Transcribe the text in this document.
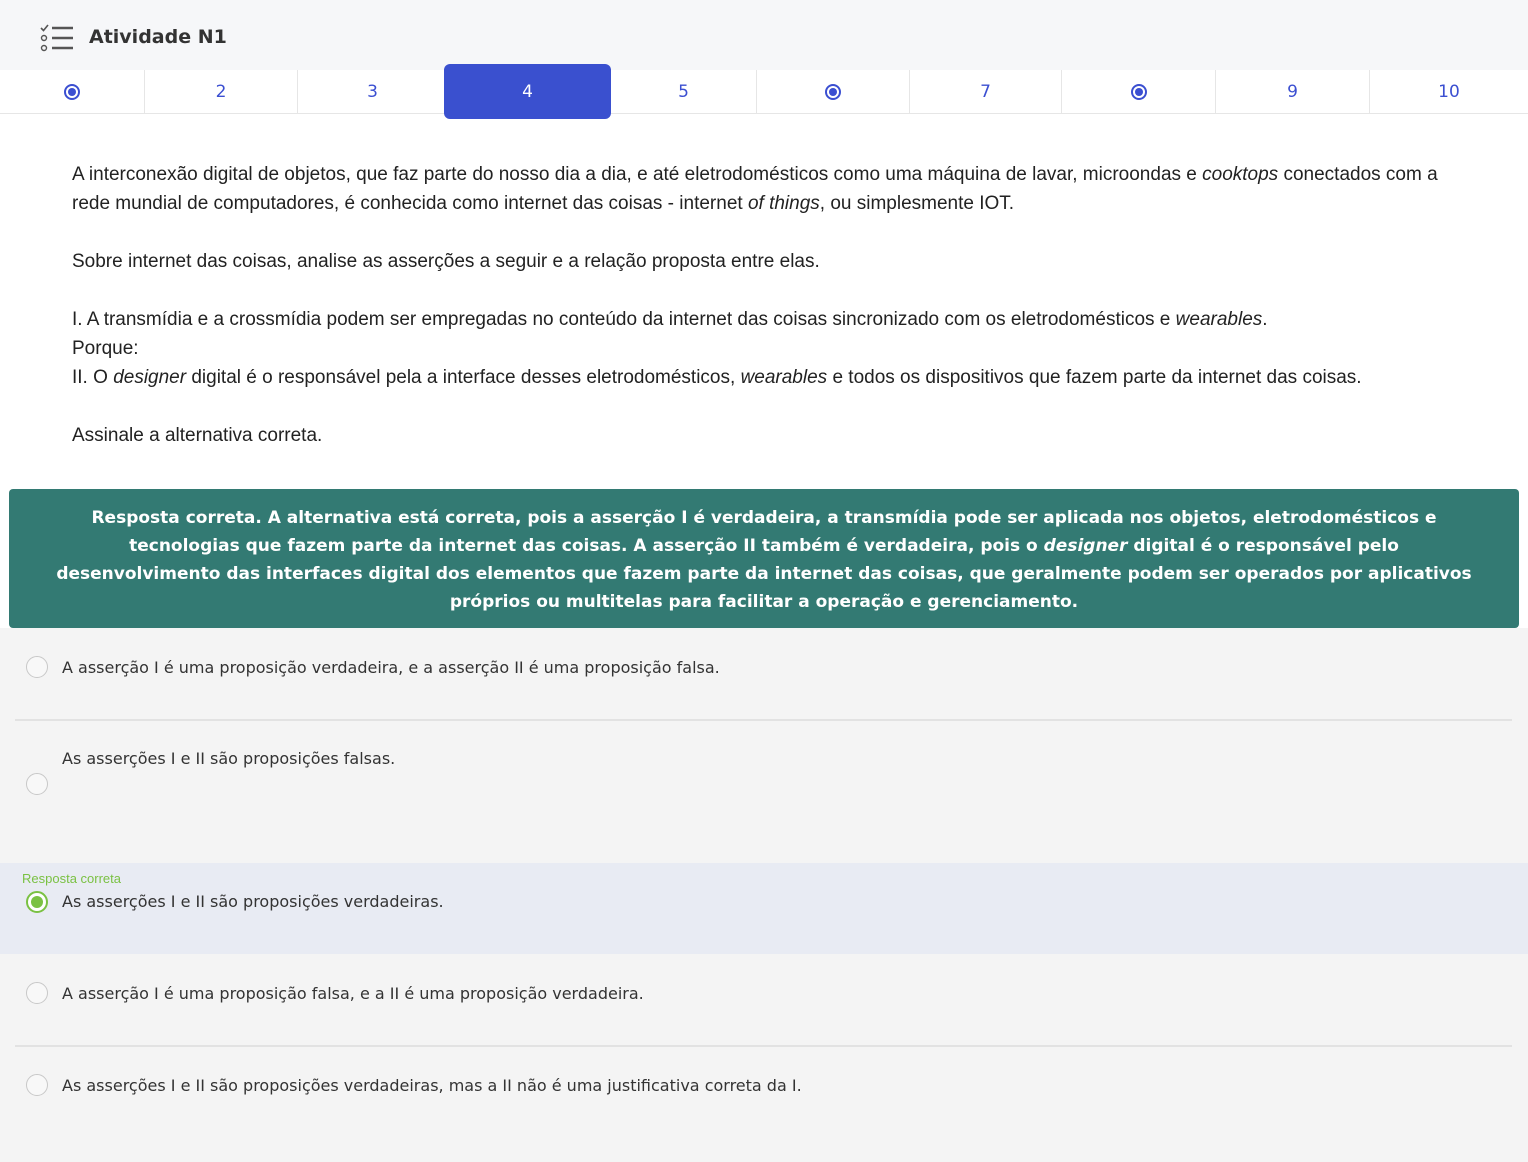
Atividade N1
2	3	4	5	7	9	10

A interconexão digital de objetos, que faz parte do nosso dia a dia, e até eletrodomésticos como uma máquina de lavar, microondas e cooktops conectados com a rede mundial de computadores, é conhecida como internet das coisas - internet of things, ou simplesmente IOT.

Sobre internet das coisas, analise as asserções a seguir e a relação proposta entre elas.

I. A transmídia e a crossmídia podem ser empregadas no conteúdo da internet das coisas sincronizado com os eletrodomésticos e wearables.

Porque:

II. O designer digital é o responsável pela a interface desses eletrodomésticos, wearables e todos os dispositivos que fazem parte da internet das coisas.

Assinale a alternativa correta.

Resposta correta. A alternativa está correta, pois a asserção I é verdadeira, a transmídia pode ser aplicada nos objetos, eletrodomésticos e tecnologias que fazem parte da internet das coisas. A asserção II também é verdadeira, pois o designer digital é o responsável pelo desenvolvimento das interfaces digital dos elementos que fazem parte da internet das coisas, que geralmente podem ser operados por aplicativos próprios ou multitelas para facilitar a operação e gerenciamento.
A asserção I é uma proposição verdadeira, e a asserção II é uma proposição falsa.
As asserções I e II são proposições falsas.
Resposta correta
As asserções I e II são proposições verdadeiras.
A asserção I é uma proposição falsa, e a II é uma proposição verdadeira.
As asserções I e II são proposições verdadeiras, mas a II não é uma justificativa correta da I.
